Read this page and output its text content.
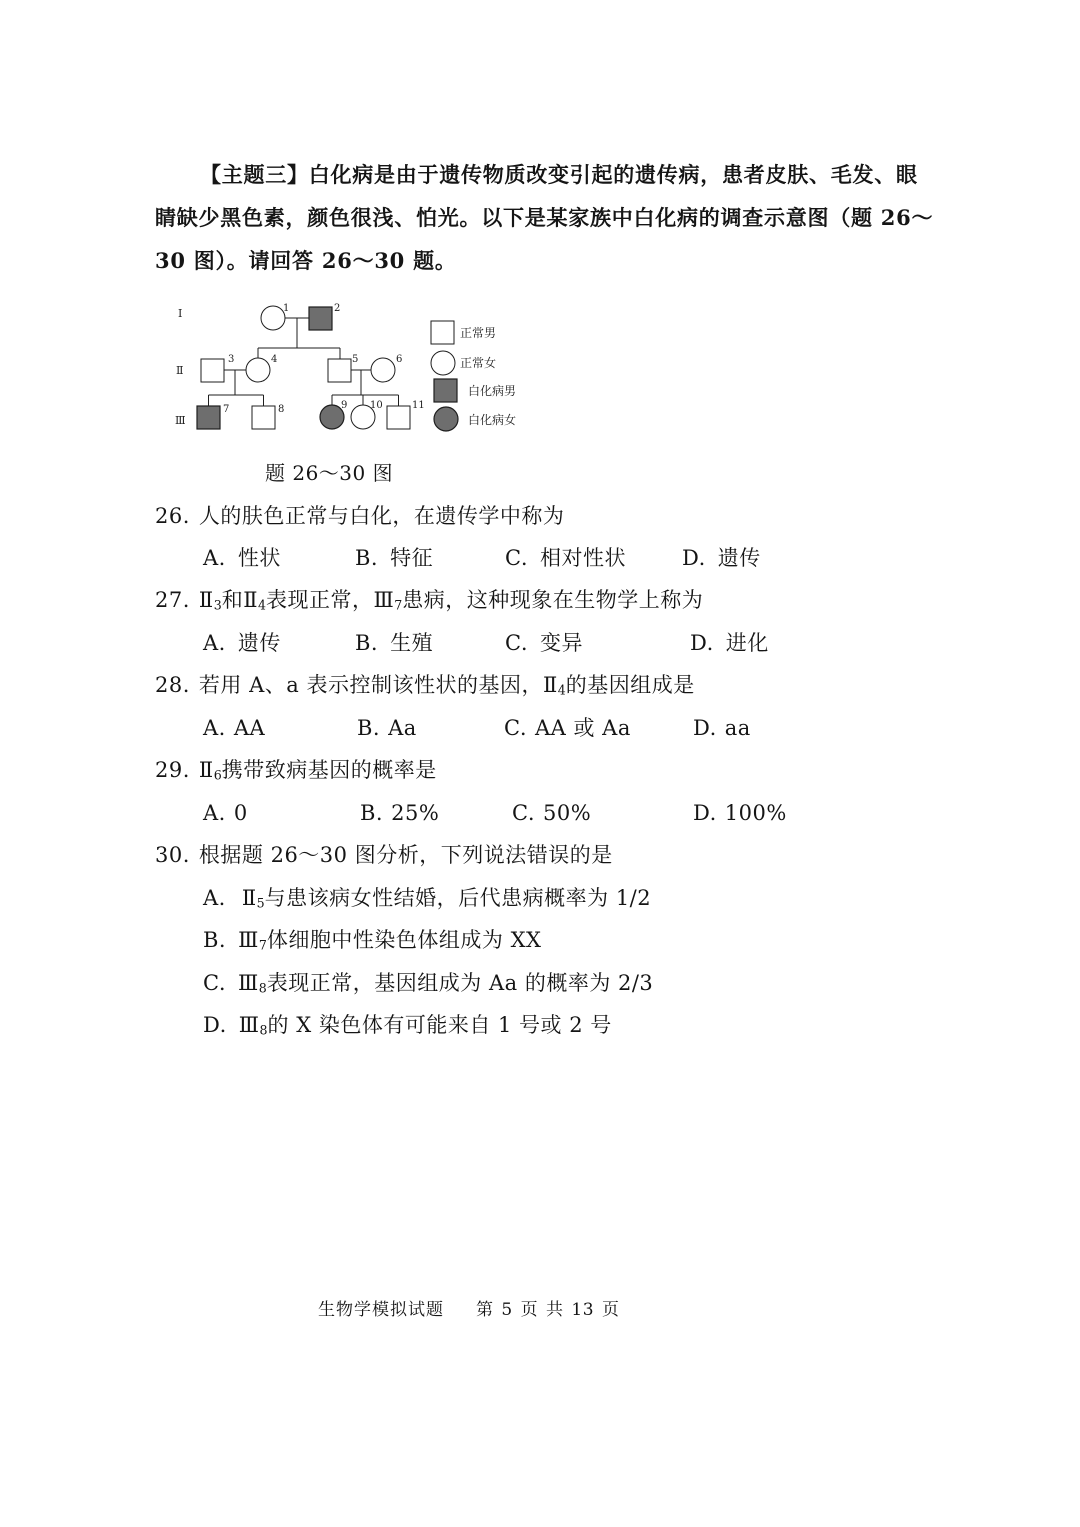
【主题三】白化病是由于遗传物质改变引起的遗传病，患者皮肤、毛发、眼
睛缺少黑色素，颜色很浅、怕光。以下是某家族中白化病的调查示意图（题 26～
30 图）。请回答 26～30 题。
Ⅰ
Ⅱ
Ⅲ
1	2
3	4	5	6
7	8	9 10	11
正常男
正常女
白化病男
白化病女
题 26～30 图
26. 人的肤色正常与白化，在遗传学中称为
A. 性状	B. 特征	C. 相对性状	D. 遗传
27. $Ⅱ_3$和$Ⅱ_4$表现正常，$Ⅲ_7$患病，这种现象在生物学上称为
A. 遗传	B. 生殖	C. 变异	D. 进化
28. 若用 A、a 表示控制该性状的基因，$Ⅱ_4$的基因组成是
A. AA	B. Aa	C. AA 或 Aa	D. aa
29. $Ⅱ_6$携带致病基因的概率是
A. 0	B. 25%	C. 50%	D. 100%
30. 根据题 26～30 图分析，下列说法错误的是
A. $Ⅱ_5$与患该病女性结婚，后代患病概率为 1/2
B. $Ⅲ_7$体细胞中性染色体组成为 XX
C. $Ⅲ_8$表现正常，基因组成为 Aa 的概率为 2/3
D. $Ⅲ_8$的 X 染色体有可能来自 1 号或 2 号
生物学模拟试题 第 5 页 共 13 页
